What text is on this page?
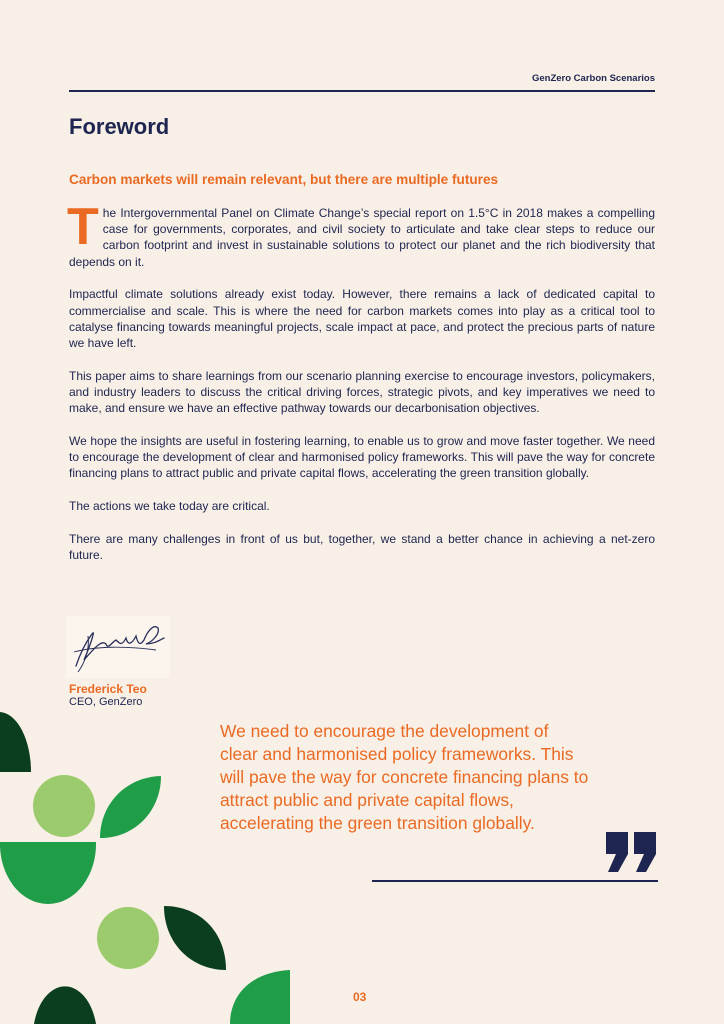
GenZero Carbon Scenarios
Foreword
Carbon markets will remain relevant, but there are multiple futures

The Intergovernmental Panel on Climate Change’s special report on 1.5°C in 2018 makes a compelling case for governments, corporates, and civil society to articulate and take clear steps to reduce our carbon footprint and invest in sustainable solutions to protect our planet and the rich biodiversity that depends on it.

Impactful climate solutions already exist today. However, there remains a lack of dedicated capital to commercialise and scale. This is where the need for carbon markets comes into play as a critical tool to catalyse financing towards meaningful projects, scale impact at pace, and protect the precious parts of nature we have left.

This paper aims to share learnings from our scenario planning exercise to encourage investors, policymakers, and industry leaders to discuss the critical driving forces, strategic pivots, and key imperatives we need to make, and ensure we have an effective pathway towards our decarbonisation objectives.

We hope the insights are useful in fostering learning, to enable us to grow and move faster together. We need to encourage the development of clear and harmonised policy frameworks. This will pave the way for concrete financing plans to attract public and private capital flows, accelerating the green transition globally.

The actions we take today are critical.

There are many challenges in front of us but, together, we stand a better chance in achieving a net-zero future.

Frederick Teo
CEO, GenZero
We need to encourage the development of clear and harmonised policy frameworks. This will pave the way for concrete financing plans to attract public and private capital flows, accelerating the green transition globally.
03
